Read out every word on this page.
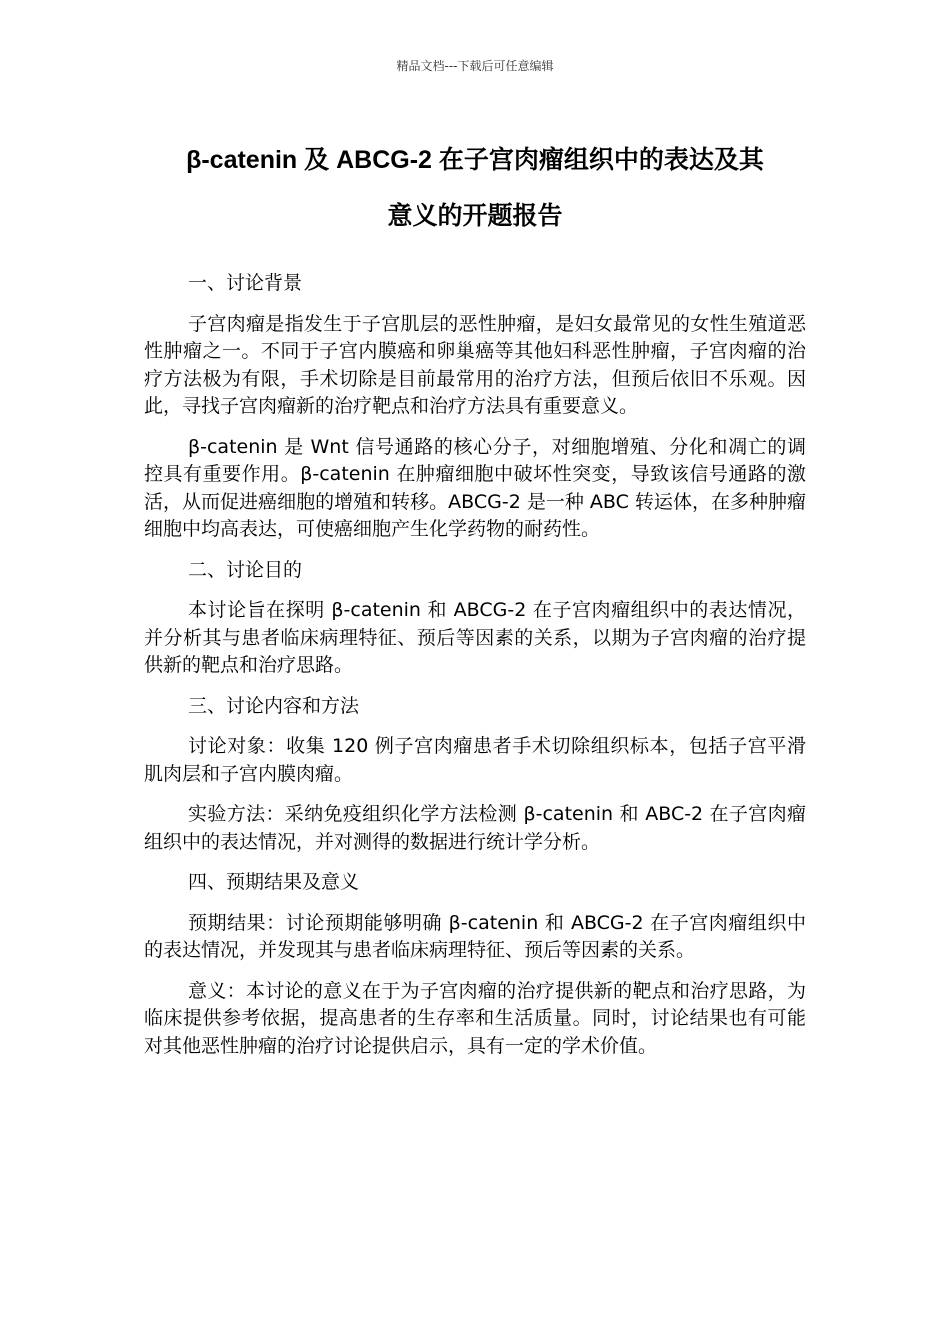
精品文档---下载后可任意编辑
β-catenin 及 ABCG-2 在子宫肉瘤组织中的表达及其
意义的开题报告

一、讨论背景

子宫肉瘤是指发生于子宫肌层的恶性肿瘤，是妇女最常见的女性生殖道恶性肿瘤之一。不同于子宫内膜癌和卵巢癌等其他妇科恶性肿瘤，子宫肉瘤的治疗方法极为有限，手术切除是目前最常用的治疗方法，但预后依旧不乐观。因此，寻找子宫肉瘤新的治疗靶点和治疗方法具有重要意义。

β-catenin 是 Wnt 信号通路的核心分子，对细胞增殖、分化和凋亡的调控具有重要作用。β-catenin 在肿瘤细胞中破坏性突变，导致该信号通路的激活，从而促进癌细胞的增殖和转移。ABCG-2 是一种 ABC 转运体，在多种肿瘤细胞中均高表达，可使癌细胞产生化学药物的耐药性。

二、讨论目的

本讨论旨在探明 β-catenin 和 ABCG-2 在子宫肉瘤组织中的表达情况，并分析其与患者临床病理特征、预后等因素的关系，以期为子宫肉瘤的治疗提供新的靶点和治疗思路。

三、讨论内容和方法

讨论对象：收集 120 例子宫肉瘤患者手术切除组织标本，包括子宫平滑肌肉层和子宫内膜肉瘤。

实验方法：采纳免疫组织化学方法检测 β-catenin 和 ABC-2 在子宫肉瘤组织中的表达情况，并对测得的数据进行统计学分析。

四、预期结果及意义

预期结果：讨论预期能够明确 β-catenin 和 ABCG-2 在子宫肉瘤组织中的表达情况，并发现其与患者临床病理特征、预后等因素的关系。

意义：本讨论的意义在于为子宫肉瘤的治疗提供新的靶点和治疗思路，为临床提供参考依据，提高患者的生存率和生活质量。同时，讨论结果也有可能对其他恶性肿瘤的治疗讨论提供启示，具有一定的学术价值。
